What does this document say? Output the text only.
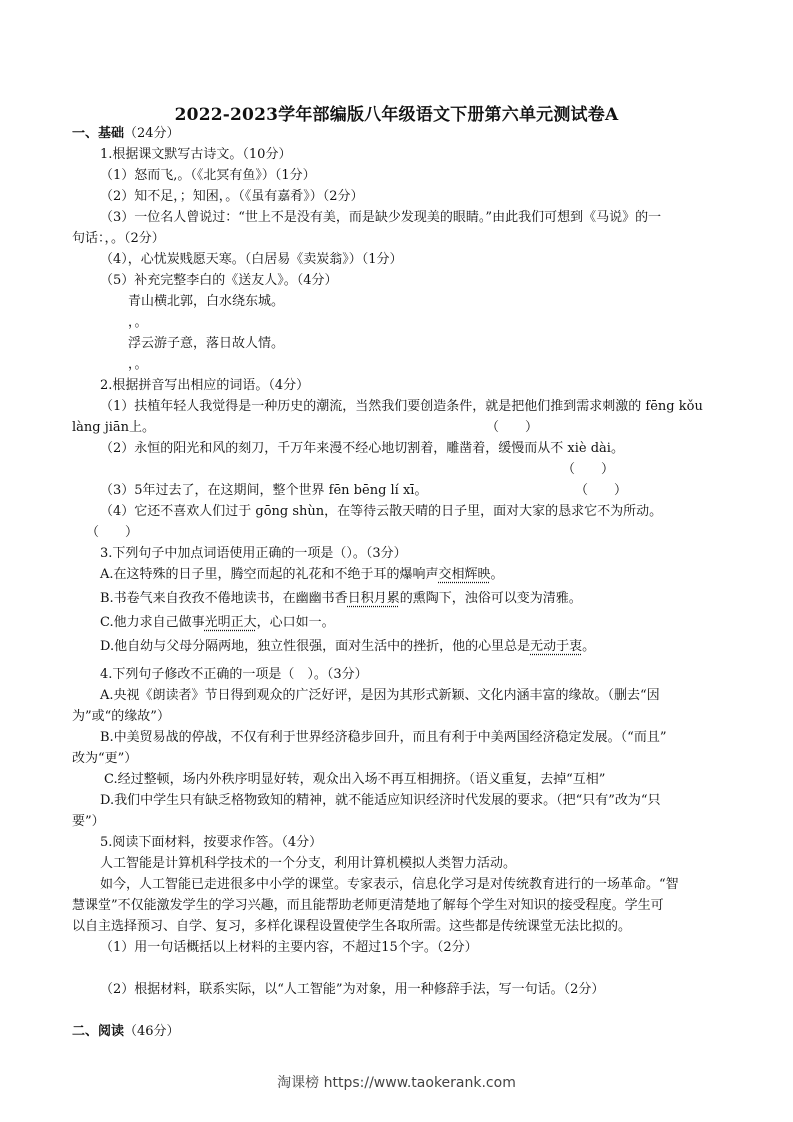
2022-2023学年部编版八年级语文下册第六单元测试卷A
一、基础（24分）
1.根据课文默写古诗文。（10分）
（1）怒而飞,。（《北冥有鱼》）（1分）
（2）知不足，；知困，。（《虽有嘉肴》）（2分）
（3）一位名人曾说过：“世上不是没有美，而是缺少发现美的眼睛。”由此我们可想到《马说》的一
句话：，。（2分）
（4），心忧炭贱愿天寒。（白居易《卖炭翁》）（1分）
（5）补充完整李白的《送友人》。（4分）
青山横北郭，白水绕东城。
，。
浮云游子意，落日故人情。
，。
2.根据拼音写出相应的词语。（4分）
（1）扶植年轻人我觉得是一种历史的潮流，当然我们要创造条件，就是把他们推到需求刺激的 fēng kǒu
làng jiān上。	（　　）
（2）永恒的阳光和风的刻刀，千万年来漫不经心地切割着，雕凿着，缓慢而从不 xiè dài。
（　　）
（3）5年过去了，在这期间，整个世界 fēn bēng lí xī。	（　　）
（4）它还不喜欢人们过于 gōng shùn，在等待云散天晴的日子里，面对大家的恳求它不为所动。
（　　）
3.下列句子中加点词语使用正确的一项是（）。（3分）
A.在这特殊的日子里，腾空而起的礼花和不绝于耳的爆响声交相辉映。
B.书卷气来自孜孜不倦地读书，在幽幽书香日积月累的熏陶下，浊俗可以变为清雅。
C.他力求自己做事光明正大，心口如一。
D.他自幼与父母分隔两地，独立性很强，面对生活中的挫折，他的心里总是无动于衷。
4.下列句子修改不正确的一项是（　）。（3分）
A.央视《朗读者》节日得到观众的广泛好评，是因为其形式新颖、文化内涵丰富的缘故。（删去“因
为”或“的缘故”）
B.中美贸易战的停战，不仅有利于世界经济稳步回升，而且有利于中美两国经济稳定发展。（“而且”
改为“更”）
C.经过整顿，场内外秩序明显好转，观众出入场不再互相拥挤。（语义重复，去掉“互相”
D.我们中学生只有缺乏格物致知的精神，就不能适应知识经济时代发展的要求。（把“只有”改为“只
要”）
5.阅读下面材料，按要求作答。（4分）
人工智能是计算机科学技术的一个分支，利用计算机模拟人类智力活动。
如今，人工智能已走进很多中小学的课堂。专家表示，信息化学习是对传统教育进行的一场革命。“智
慧课堂”不仅能激发学生的学习兴趣，而且能帮助老师更清楚地了解每个学生对知识的接受程度。学生可
以自主选择预习、自学、复习，多样化课程设置使学生各取所需。这些都是传统课堂无法比拟的。
（1）用一句话概括以上材料的主要内容，不超过15个字。（2分）
（2）根据材料，联系实际，以“人工智能”为对象，用一种修辞手法，写一句话。（2分）
二、阅读（46分）
淘课榜 https://www.taokerank.com
